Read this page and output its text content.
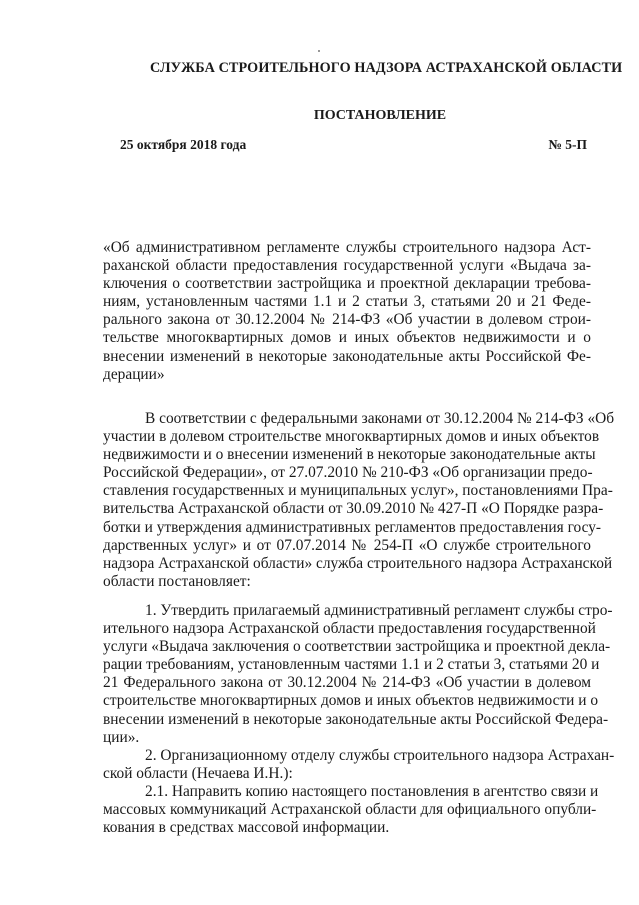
СЛУЖБА СТРОИТЕЛЬНОГО НАДЗОРА АСТРАХАНСКОЙ ОБЛАСТИ
ПОСТАНОВЛЕНИЕ
25 октября 2018 года	№ 5-П
«Об административном регламенте службы строительного надзора Аст-
раханской области предоставления государственной услуги «Выдача за-
ключения о соответствии застройщика и проектной декларации требова-
ниям, установленным частями 1.1 и 2 статьи 3, статьями 20 и 21 Феде-
рального закона от 30.12.2004 № 214-ФЗ «Об участии в долевом строи-
тельстве многоквартирных домов и иных объектов недвижимости и о
внесении изменений в некоторые законодательные акты Российской Фе-
дерации»
В соответствии с федеральными законами от 30.12.2004 № 214-ФЗ «Об
участии в долевом строительстве многоквартирных домов и иных объектов
недвижимости и о внесении изменений в некоторые законодательные акты
Российской Федерации», от 27.07.2010 № 210-ФЗ «Об организации предо-
ставления государственных и муниципальных услуг», постановлениями Пра-
вительства Астраханской области от 30.09.2010 № 427-П «О Порядке разра-
ботки и утверждения административных регламентов предоставления госу-
дарственных услуг» и от 07.07.2014 № 254-П «О службе строительного
надзора Астраханской области» служба строительного надзора Астраханской
области постановляет:
1. Утвердить прилагаемый административный регламент службы стро-
ительного надзора Астраханской области предоставления государственной
услуги «Выдача заключения о соответствии застройщика и проектной декла-
рации требованиям, установленным частями 1.1 и 2 статьи 3, статьями 20 и
21 Федерального закона от 30.12.2004 № 214-ФЗ «Об участии в долевом
строительстве многоквартирных домов и иных объектов недвижимости и о
внесении изменений в некоторые законодательные акты Российской Федера-
ции».
2. Организационному отделу службы строительного надзора Астрахан-
ской области (Нечаева И.Н.):
2.1. Направить копию настоящего постановления в агентство связи и
массовых коммуникаций Астраханской области для официального опубли-
кования в средствах массовой информации.
